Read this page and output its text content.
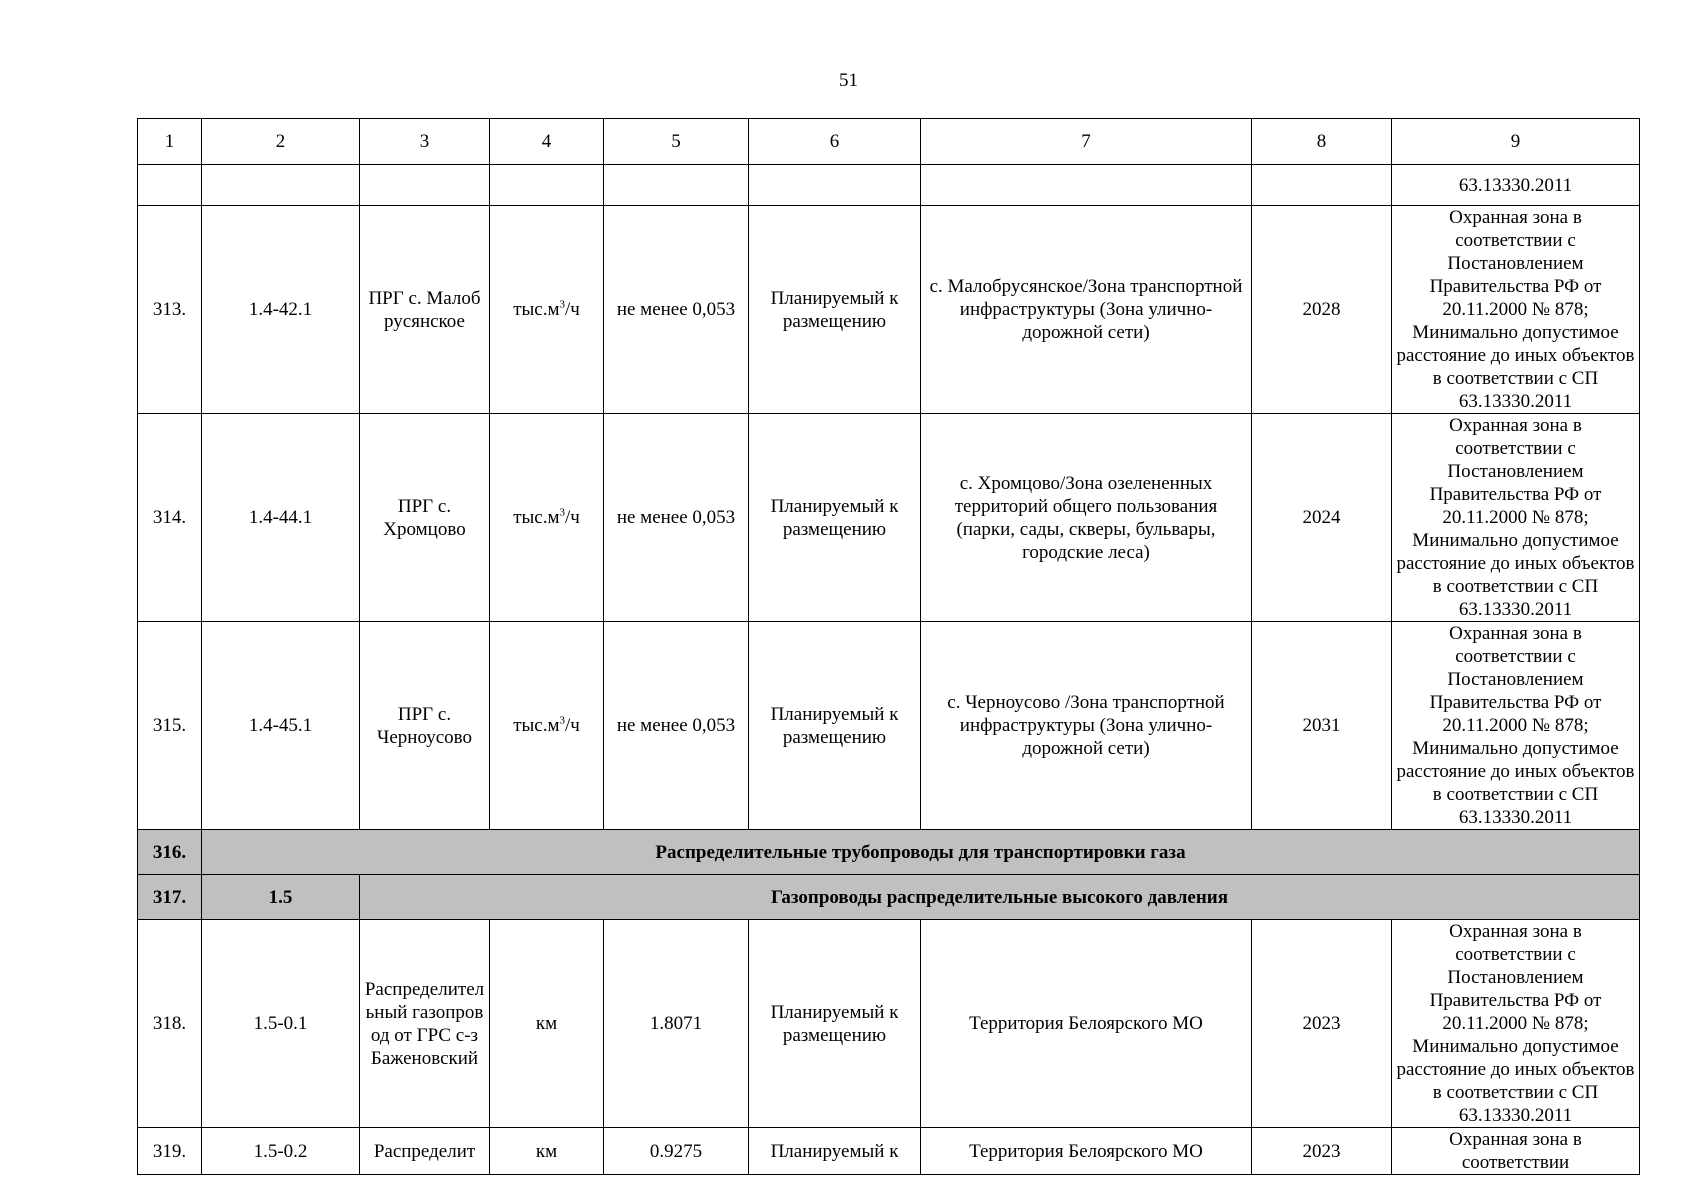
51
1	2	3	4	5	6	7	8	9
								63.13330.2011
313.	1.4-42.1	ПРГ с. Малобрусянское	$тыс.м^3/ч$	не менее 0,053	Планируемый к размещению	с. Малобрусянское/Зона транспортной инфраструктуры (Зона улично-дорожной сети)	2028	Охранная зона в соответствии с Постановлением Правительства РФ от 20.11.2000 № 878; Минимально допустимое расстояние до иных объектов в соответствии с СП 63.13330.2011
314.	1.4-44.1	ПРГ с. Хромцово	$тыс.м^3/ч$	не менее 0,053	Планируемый к размещению	с. Хромцово/Зона озелененных территорий общего пользования (парки, сады, скверы, бульвары, городские леса)	2024	Охранная зона в соответствии с Постановлением Правительства РФ от 20.11.2000 № 878; Минимально допустимое расстояние до иных объектов в соответствии с СП 63.13330.2011
315.	1.4-45.1	ПРГ с. Черноусово	$тыс.м^3/ч$	не менее 0,053	Планируемый к размещению	с. Черноусово /Зона транспортной инфраструктуры (Зона улично-дорожной сети)	2031	Охранная зона в соответствии с Постановлением Правительства РФ от 20.11.2000 № 878; Минимально допустимое расстояние до иных объектов в соответствии с СП 63.13330.2011
316.	Распределительные трубопроводы для транспортировки газа							
317.	1.5	Газопроводы распределительные высокого давления						
318.	1.5-0.1	Распределительный газопровод от ГРС с-з Баженовский	км	1.8071	Планируемый к размещению	Территория Белоярского МО	2023	Охранная зона в соответствии с Постановлением Правительства РФ от 20.11.2000 № 878; Минимально допустимое расстояние до иных объектов в соответствии с СП 63.13330.2011
319.	1.5-0.2	Распределит	км	0.9275	Планируемый к	Территория Белоярского МО	2023	Охранная зона в соответствии
